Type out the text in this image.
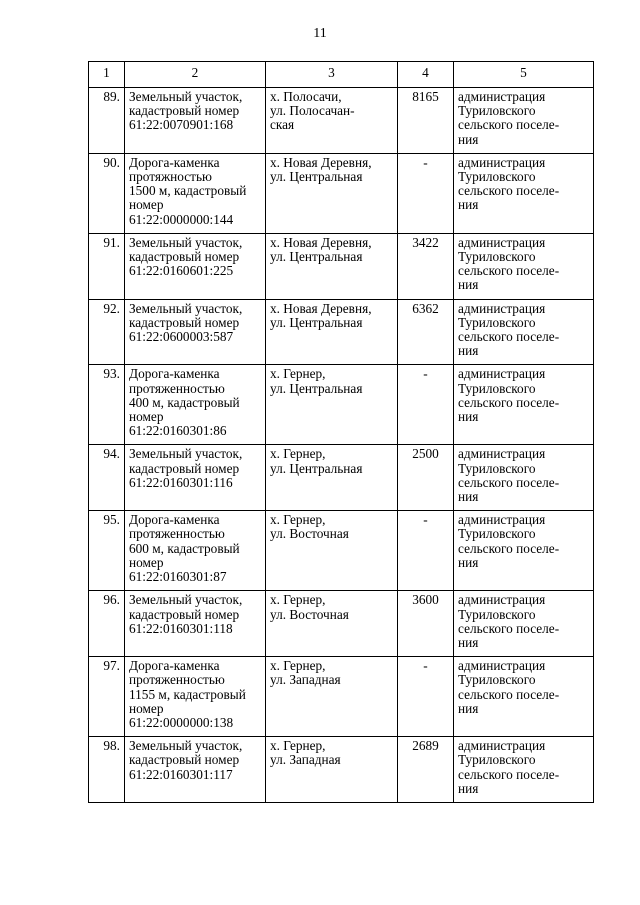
11
1	2	3	4	5
89.	Земельный участок,
кадастровый номер
61:22:0070901:168	х. Полосачи,
ул. Полосачан-
ская	8165	администрация
Туриловского
сельского поселе-
ния
90.	Дорога-каменка
протяжностью
1500 м, кадастровый
номер
61:22:0000000:144	х. Новая Деревня,
ул. Центральная	-	администрация
Туриловского
сельского поселе-
ния
91.	Земельный участок,
кадастровый номер
61:22:0160601:225	х. Новая Деревня,
ул. Центральная	3422	администрация
Туриловского
сельского поселе-
ния
92.	Земельный участок,
кадастровый номер
61:22:0600003:587	х. Новая Деревня,
ул. Центральная	6362	администрация
Туриловского
сельского поселе-
ния
93.	Дорога-каменка
протяженностью
400 м, кадастровый
номер
61:22:0160301:86	х. Гернер,
ул. Центральная	-	администрация
Туриловского
сельского поселе-
ния
94.	Земельный участок,
кадастровый номер
61:22:0160301:116	х. Гернер,
ул. Центральная	2500	администрация
Туриловского
сельского поселе-
ния
95.	Дорога-каменка
протяженностью
600 м, кадастровый
номер
61:22:0160301:87	х. Гернер,
ул. Восточная	-	администрация
Туриловского
сельского поселе-
ния
96.	Земельный участок,
кадастровый номер
61:22:0160301:118	х. Гернер,
ул. Восточная	3600	администрация
Туриловского
сельского поселе-
ния
97.	Дорога-каменка
протяженностью
1155 м, кадастровый
номер
61:22:0000000:138	х. Гернер,
ул. Западная	-	администрация
Туриловского
сельского поселе-
ния
98.	Земельный участок,
кадастровый номер
61:22:0160301:117	х. Гернер,
ул. Западная	2689	администрация
Туриловского
сельского поселе-
ния
